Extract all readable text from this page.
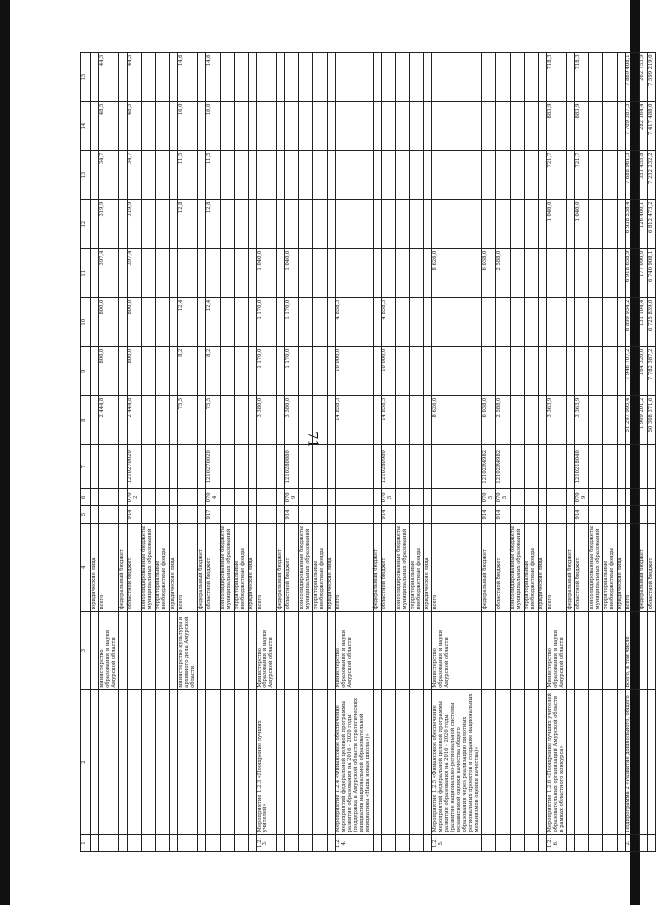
71
1	2	3	4	5	6	7	8	9	10	11	12	13	14	15
			юридические лица											
		министерство образования и науки Амурской области	всего				2 444,8	800,0	800,0	397,4	319,9	34,7	48,5	44,5
			федеральный бюджет											
			областной бюджет	914	0702	1210270020	2 444,8	800,0	800,0	397,4	319,9	34,7	48,5	44,5
			консолидированные бюджеты муниципальных образований											
			территориальные внебюджетные фонды											
			юридические лица											
		министерство культуры и архивного дела Амурской области	всего				75,5	8,2	12,4		12,8	11,5	16,0	14,6
			федеральный бюджет											
			областной бюджет	917	0704	1210270020	75,5	8,2	12,4		12,8	11,5	16,0	14,6
			консолидированные бюджеты муниципальных образований											
			территориальные внебюджетные фонды											
			юридические лица											
1.2.3.	Мероприятие 1.2.3 «Поощрение лучших учителей»	Министерство образования и науки Амурской области	всего				3 380,0	1 170,0	1 170,0	1 040,0				
			федеральный бюджет											
			областной бюджет	914	0709	1210280880	3 380,0	1 170,0	1 170,0	1 040,0				
			консолидированные бюджеты муниципальных образований											
			территориальные внебюджетные фонды											
			юридические лица											
1.2.4.	Мероприятие 1.2.4 «Финансовое обеспечение мероприятий федеральной целевой программы развития образования на 2016 - 2020 годы (поддержка в Амурской области стратегических инициатив национальной образовательной инициативы «Наша новая школа»)»	Министерство образования и науки Амурской области	всего				14 858,3	10 000,0	4 858,3					
			федеральный бюджет											
			областной бюджет	914	0705	1210280980	14 858,3	10 000,0	4 858,3					
			консолидированные бюджеты муниципальных образований											
			территориальные внебюджетные фонды											
			юридические лица											
1.2.5.	Мероприятие 1.2.5 «Финансовое обеспечение мероприятий федеральной целевой программы развития образования на 2016 - 2020 годы (развитие национально-региональной системы независимой оценки качества общего образования через реализацию пилотных региональных проектов и создание национальных механизмов оценки качества)»	Министерство образования и науки Амурской области	всего				8 626,0			8 626,0				
			федеральный бюджет	914	0705	12102R4982	6 038,0			6 038,0				
			областной бюджет	914	0705	12102R4982	2 588,0			2 588,0				
			консолидированные бюджеты муниципальных образований											
			территориальные внебюджетные фонды											
			юридические лица											
1.2.6.	Мероприятие 1.2.6 «Поощрение лучших учителей образовательных организаций Амурской области в рамках областного конкурса»	Министерство образования и науки Амурской области	всего				3 363,9				1 040,0	721,7	883,9	718,3
			федеральный бюджет											
			областной бюджет	914	0709	1210218040	3 363,9				1 040,0	721,7	883,9	718,3
			консолидированные бюджеты муниципальных образований											
			территориальные внебюджетные фонды											
			юридические лица											
2.	Подпрограмма 2 «Развитие дошкольного, общего и дополнительного образования детей»	Всего, в том числе	всего				51 297 995,4	7 946 707,2	6 899 934,2	6 918 658,9	6 938 538,4	7 688 961,3	7 709 387,3	7 869 408,1
			федеральный бюджет				1 909 201,2	164 320,0	131 104,4	177 090,0	126 460,1	351 455,8	282 164,4	262 753,9
			областной бюджет				50 308 371,6	7 782 387,2	6 725 839,0	6 740 908,1	6 812 473,2	7 232 232,2	7 417 488,0	7 599 219,0
